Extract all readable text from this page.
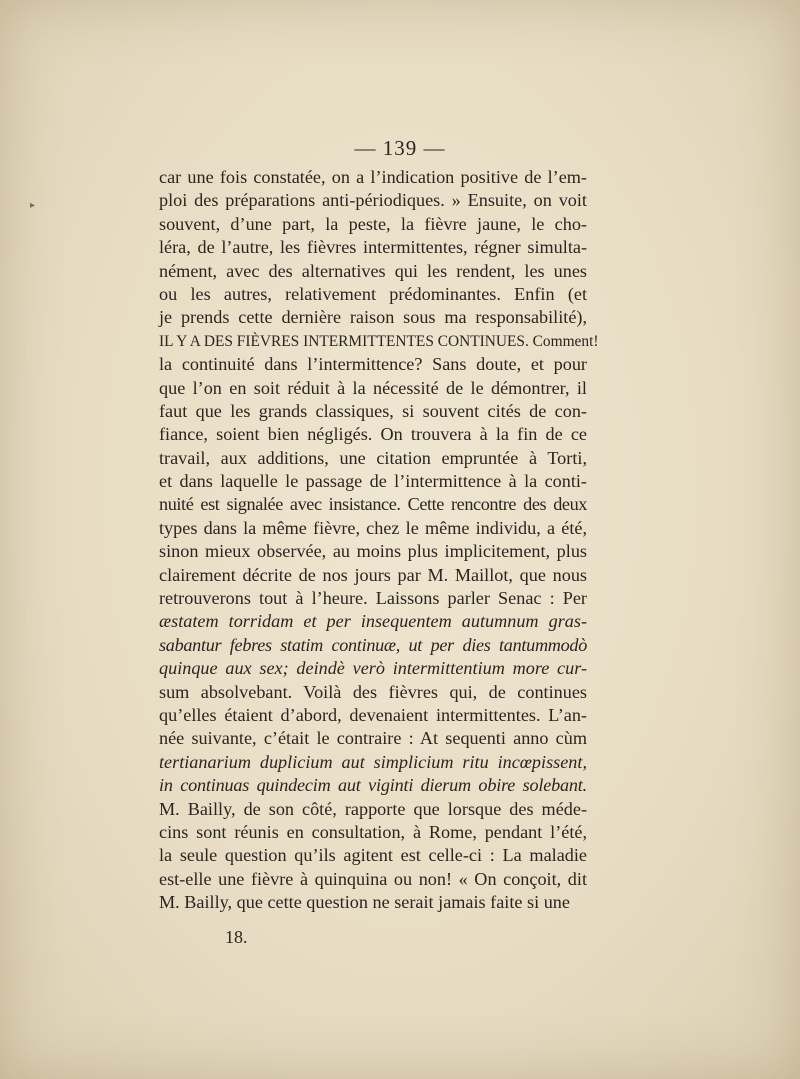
— 139 —
car une fois constatée, on a l’indication positive de l’em-
ploi des préparations anti-périodiques. » Ensuite, on voit
souvent, d’une part, la peste, la fièvre jaune, le cho-
léra, de l’autre, les fièvres intermittentes, régner simulta-
nément, avec des alternatives qui les rendent, les unes
ou les autres, relativement prédominantes. Enfin (et
je prends cette dernière raison sous ma responsabilité),
IL Y A DES FIÈVRES INTERMITTENTES CONTINUES. Comment!
la continuité dans l’intermittence? Sans doute, et pour
que l’on en soit réduit à la nécessité de le démontrer, il
faut que les grands classiques, si souvent cités de con-
fiance, soient bien négligés. On trouvera à la fin de ce
travail, aux additions, une citation empruntée à Torti,
et dans laquelle le passage de l’intermittence à la conti-
nuité est signalée avec insistance. Cette rencontre des deux
types dans la même fièvre, chez le même individu, a été,
sinon mieux observée, au moins plus implicitement, plus
clairement décrite de nos jours par M. Maillot, que nous
retrouverons tout à l’heure. Laissons parler Senac : Per
æstatem torridam et per insequentem autumnum gras-
sabantur febres statim continuæ, ut per dies tantummodò
quinque aux sex; deindè verò intermittentium more cur-
sum absolvebant. Voilà des fièvres qui, de continues
qu’elles étaient d’abord, devenaient intermittentes. L’an-
née suivante, c’était le contraire : At sequenti anno cùm
tertianarium duplicium aut simplicium ritu incœpissent,
in continuas quindecim aut viginti dierum obire solebant.
M. Bailly, de son côté, rapporte que lorsque des méde-
cins sont réunis en consultation, à Rome, pendant l’été,
la seule question qu’ils agitent est celle-ci : La maladie
est-elle une fièvre à quinquina ou non! « On conçoit, dit
M. Bailly, que cette question ne serait jamais faite si une
18.
▸
